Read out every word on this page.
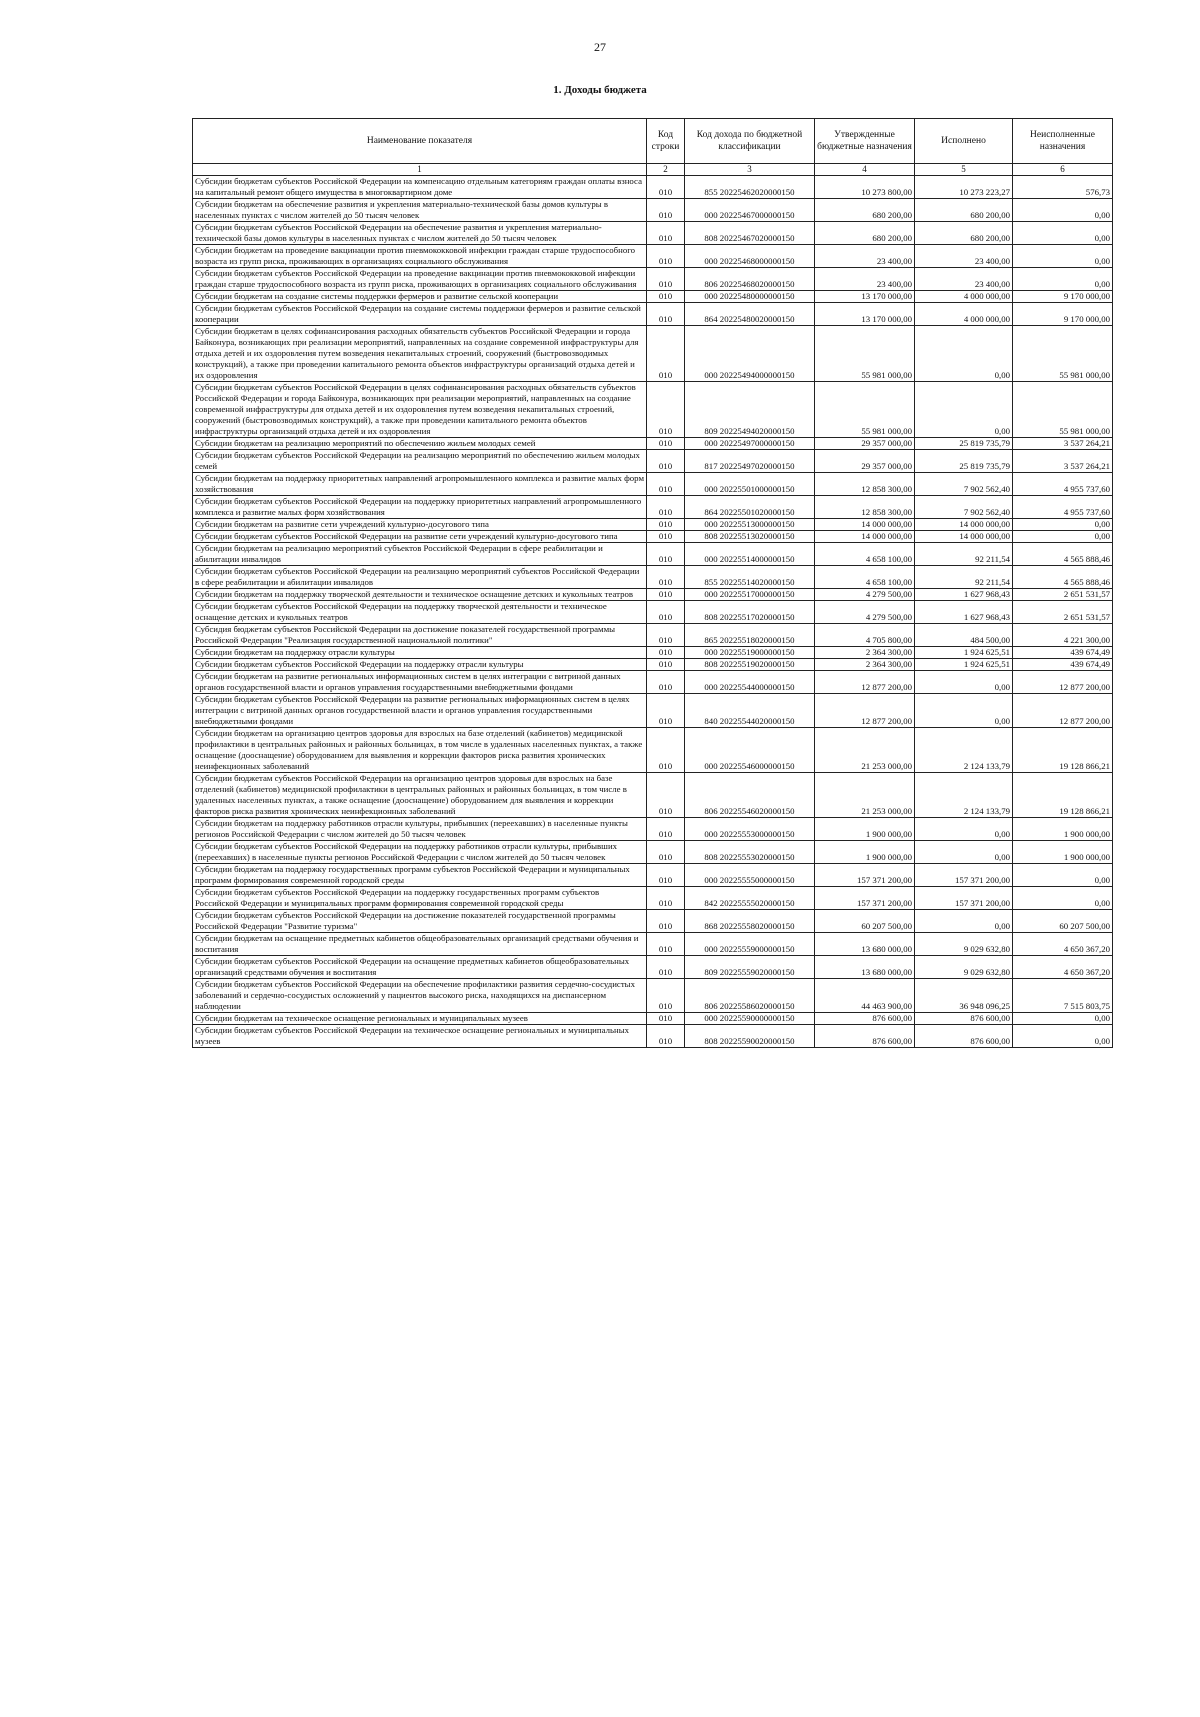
27
1. Доходы бюджета
Наименование показателя	Код строки	Код дохода по бюджетной классификации	Утвержденные бюджетные назначения	Исполнено	Неисполненные назначения
1	2	3	4	5	6
Субсидии бюджетам субъектов Российской Федерации на компенсацию отдельным категориям граждан оплаты взноса на капитальный ремонт общего имущества в многоквартирном доме	010	855 20225462020000150	10 273 800,00	10 273 223,27	576,73
Субсидии бюджетам на обеспечение развития и укрепления материально-технической базы домов культуры в населенных пунктах с числом жителей до 50 тысяч человек	010	000 20225467000000150	680 200,00	680 200,00	0,00
Субсидии бюджетам субъектов Российской Федерации на обеспечение развития и укрепления материально-технической базы домов культуры в населенных пунктах с числом жителей до 50 тысяч человек	010	808 20225467020000150	680 200,00	680 200,00	0,00
Субсидии бюджетам на проведение вакцинации против пневмококковой инфекции граждан старше трудоспособного возраста из групп риска, проживающих в организациях социального обслуживания	010	000 20225468000000150	23 400,00	23 400,00	0,00
Субсидии бюджетам субъектов Российской Федерации на проведение вакцинации против пневмококковой инфекции граждан старше трудоспособного возраста из групп риска, проживающих в организациях социального обслуживания	010	806 20225468020000150	23 400,00	23 400,00	0,00
Субсидии бюджетам на создание системы поддержки фермеров и развитие сельской кооперации	010	000 20225480000000150	13 170 000,00	4 000 000,00	9 170 000,00
Субсидии бюджетам субъектов Российской Федерации на создание системы поддержки фермеров и развитие сельской кооперации	010	864 20225480020000150	13 170 000,00	4 000 000,00	9 170 000,00
Субсидии бюджетам в целях софинансирования расходных обязательств субъектов Российской Федерации и города Байконура, возникающих при реализации мероприятий, направленных на создание современной инфраструктуры для отдыха детей и их оздоровления путем возведения некапитальных строений, сооружений (быстровозводимых конструкций), а также при проведении капитального ремонта объектов инфраструктуры организаций отдыха детей и их оздоровления	010	000 20225494000000150	55 981 000,00	0,00	55 981 000,00
Субсидии бюджетам субъектов Российской Федерации в целях софинансирования расходных обязательств субъектов Российской Федерации и города Байконура, возникающих при реализации мероприятий, направленных на создание современной инфраструктуры для отдыха детей и их оздоровления путем возведения некапитальных строений, сооружений (быстровозводимых конструкций), а также при проведении капитального ремонта объектов инфраструктуры организаций отдыха детей и их оздоровления	010	809 20225494020000150	55 981 000,00	0,00	55 981 000,00
Субсидии бюджетам на реализацию мероприятий по обеспечению жильем молодых семей	010	000 20225497000000150	29 357 000,00	25 819 735,79	3 537 264,21
Субсидии бюджетам субъектов Российской Федерации на реализацию мероприятий по обеспечению жильем молодых семей	010	817 20225497020000150	29 357 000,00	25 819 735,79	3 537 264,21
Субсидии бюджетам на поддержку приоритетных направлений агропромышленного комплекса и развитие малых форм хозяйствования	010	000 20225501000000150	12 858 300,00	7 902 562,40	4 955 737,60
Субсидии бюджетам субъектов Российской Федерации на поддержку приоритетных направлений агропромышленного комплекса и развитие малых форм хозяйствования	010	864 20225501020000150	12 858 300,00	7 902 562,40	4 955 737,60
Субсидии бюджетам на развитие сети учреждений культурно-досугового типа	010	000 20225513000000150	14 000 000,00	14 000 000,00	0,00
Субсидии бюджетам субъектов Российской Федерации на развитие сети учреждений культурно-досугового типа	010	808 20225513020000150	14 000 000,00	14 000 000,00	0,00
Субсидии бюджетам на реализацию мероприятий субъектов Российской Федерации в сфере реабилитации и абилитации инвалидов	010	000 20225514000000150	4 658 100,00	92 211,54	4 565 888,46
Субсидии бюджетам субъектов Российской Федерации на реализацию мероприятий субъектов Российской Федерации в сфере реабилитации и абилитации инвалидов	010	855 20225514020000150	4 658 100,00	92 211,54	4 565 888,46
Субсидии бюджетам на поддержку творческой деятельности и техническое оснащение детских и кукольных театров	010	000 20225517000000150	4 279 500,00	1 627 968,43	2 651 531,57
Субсидии бюджетам субъектов Российской Федерации на поддержку творческой деятельности и техническое оснащение детских и кукольных театров	010	808 20225517020000150	4 279 500,00	1 627 968,43	2 651 531,57
Субсидия бюджетам субъектов Российской Федерации на достижение показателей государственной программы Российской Федерации "Реализация государственной национальной политики"	010	865 20225518020000150	4 705 800,00	484 500,00	4 221 300,00
Субсидии бюджетам на поддержку отрасли культуры	010	000 20225519000000150	2 364 300,00	1 924 625,51	439 674,49
Субсидии бюджетам субъектов Российской Федерации на поддержку отрасли культуры	010	808 20225519020000150	2 364 300,00	1 924 625,51	439 674,49
Субсидии бюджетам на развитие региональных информационных систем в целях интеграции с витриной данных органов государственной власти и органов управления государственными внебюджетными фондами	010	000 20225544000000150	12 877 200,00	0,00	12 877 200,00
Субсидии бюджетам субъектов Российской Федерации на развитие региональных информационных систем в целях интеграции с витриной данных органов государственной власти и органов управления государственными внебюджетными фондами	010	840 20225544020000150	12 877 200,00	0,00	12 877 200,00
Субсидии бюджетам на организацию центров здоровья для взрослых на базе отделений (кабинетов) медицинской профилактики в центральных районных и районных больницах, в том числе в удаленных населенных пунктах, а также оснащение (дооснащение) оборудованием для выявления и коррекции факторов риска развития хронических неинфекционных заболеваний	010	000 20225546000000150	21 253 000,00	2 124 133,79	19 128 866,21
Субсидии бюджетам субъектов Российской Федерации на организацию центров здоровья для взрослых на базе отделений (кабинетов) медицинской профилактики в центральных районных и районных больницах, в том числе в удаленных населенных пунктах, а также оснащение (дооснащение) оборудованием для выявления и коррекции факторов риска развития хронических неинфекционных заболеваний	010	806 20225546020000150	21 253 000,00	2 124 133,79	19 128 866,21
Субсидии бюджетам на поддержку работников отрасли культуры, прибывших (переехавших) в населенные пункты регионов Российской Федерации с числом жителей до 50 тысяч человек	010	000 20225553000000150	1 900 000,00	0,00	1 900 000,00
Субсидии бюджетам субъектов Российской Федерации на поддержку работников отрасли культуры, прибывших (переехавших) в населенные пункты регионов Российской Федерации с числом жителей до 50 тысяч человек	010	808 20225553020000150	1 900 000,00	0,00	1 900 000,00
Субсидии бюджетам на поддержку государственных программ субъектов Российской Федерации и муниципальных программ формирования современной городской среды	010	000 20225555000000150	157 371 200,00	157 371 200,00	0,00
Субсидии бюджетам субъектов Российской Федерации на поддержку государственных программ субъектов Российской Федерации и муниципальных программ формирования современной городской среды	010	842 20225555020000150	157 371 200,00	157 371 200,00	0,00
Субсидии бюджетам субъектов Российской Федерации на достижение показателей государственной программы Российской Федерации "Развитие туризма"	010	868 20225558020000150	60 207 500,00	0,00	60 207 500,00
Субсидии бюджетам на оснащение предметных кабинетов общеобразовательных организаций средствами обучения и воспитания	010	000 20225559000000150	13 680 000,00	9 029 632,80	4 650 367,20
Субсидии бюджетам субъектов Российской Федерации на оснащение предметных кабинетов общеобразовательных организаций средствами обучения и воспитания	010	809 20225559020000150	13 680 000,00	9 029 632,80	4 650 367,20
Субсидии бюджетам субъектов Российской Федерации на обеспечение профилактики развития сердечно-сосудистых заболеваний и сердечно-сосудистых осложнений у пациентов высокого риска, находящихся на диспансерном наблюдении	010	806 20225586020000150	44 463 900,00	36 948 096,25	7 515 803,75
Субсидии бюджетам на техническое оснащение региональных и муниципальных музеев	010	000 20225590000000150	876 600,00	876 600,00	0,00
Субсидии бюджетам субъектов Российской Федерации на техническое оснащение региональных и муниципальных музеев	010	808 20225590020000150	876 600,00	876 600,00	0,00
